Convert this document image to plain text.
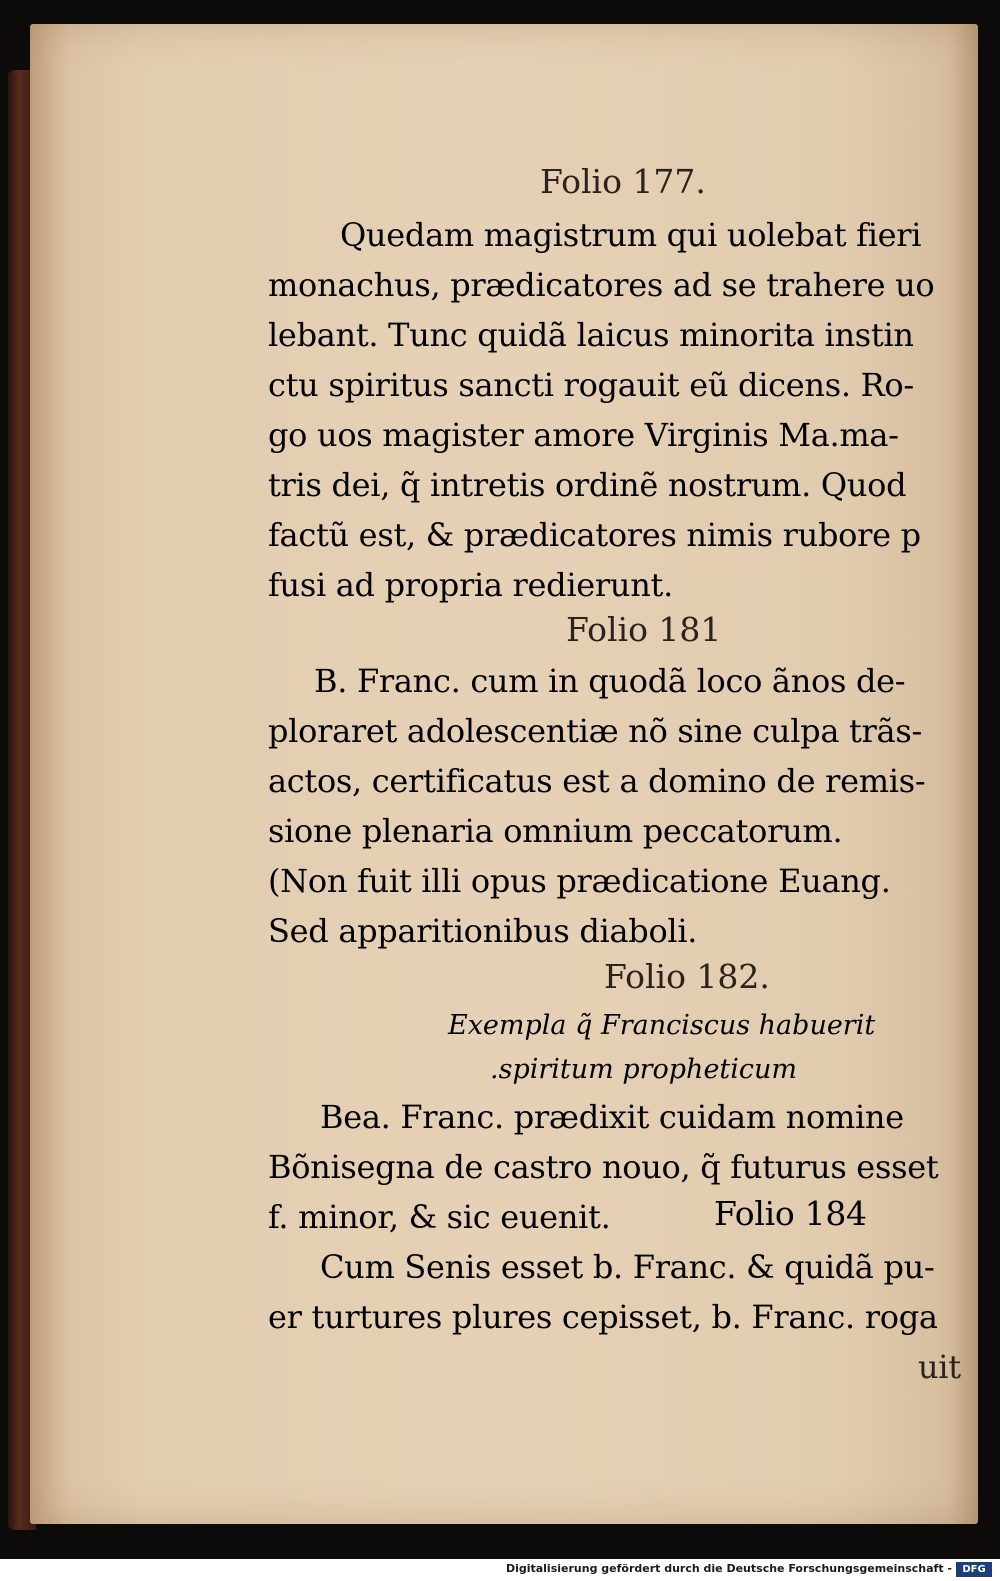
Folio 177.
Quedam magistrum qui uolebat fieri
monachus, prædicatores ad se trahere uo
lebant. Tunc quidã laicus minorita instin
ctu spiritus sancti rogauit eũ dicens. Ro-
go uos magister amore Virginis Ma.ma-
tris dei, q̃ intretis ordinẽ nostrum. Quod
factũ est, & prædicatores nimis rubore p
fusi ad propria redierunt.
Folio 181
B. Franc. cum in quodã loco ãnos de-
ploraret adolescentiæ nõ sine culpa trãs-
actos, certificatus est a domino de remis-
sione plenaria omnium peccatorum.
(Non fuit illi opus prædicatione Euang.
Sed apparitionibus diaboli.
Folio 182.
Exempla q̃ Franciscus habuerit
.spiritum propheticum
Bea. Franc. prædixit cuidam nomine
Bõnisegna de castro nouo, q̃ futurus esset
f. minor, & sic euenit.	Folio 184
Cum Senis esset b. Franc. & quidã pu-
er turtures plures cepisset, b. Franc. roga
uit
Digitalisierung gefördert durch die Deutsche Forschungsgemeinschaft -	DFG
